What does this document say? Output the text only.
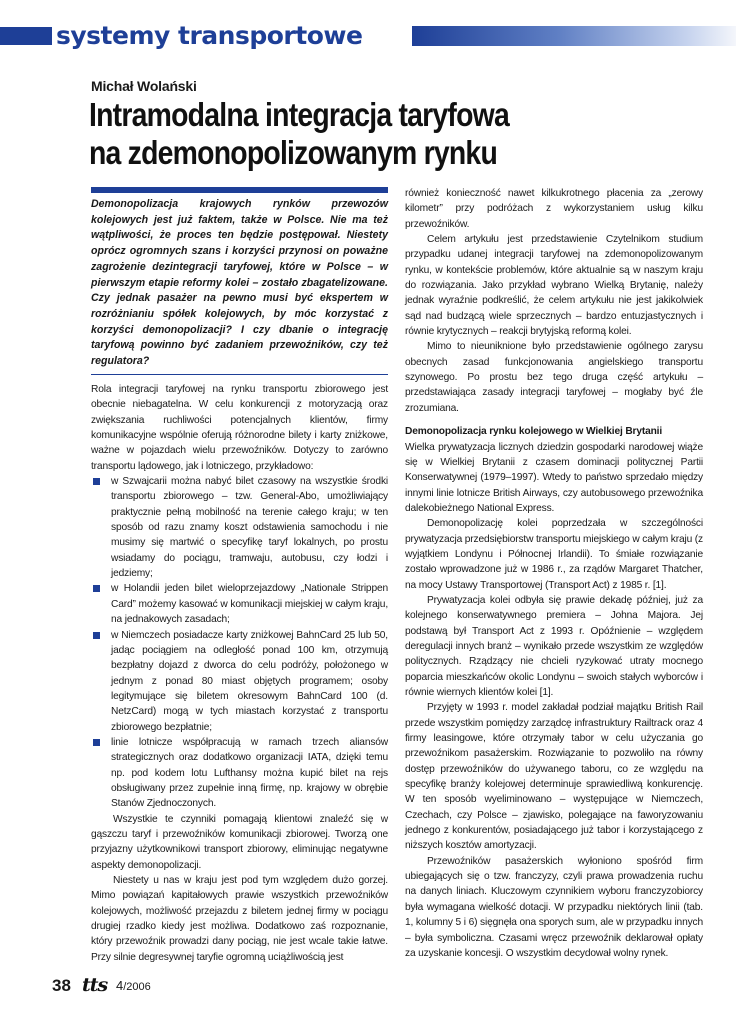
systemy transportowe
Michał Wolański
Intramodalna integracja taryfowa
na zdemonopolizowanym rynku
Demonopolizacja krajowych rynków przewozów kolejowych jest już faktem, także w Polsce. Nie ma też wątpliwości, że proces ten będzie postępował. Niestety oprócz ogromnych szans i korzyści przynosi on poważne zagrożenie dezintegracji taryfowej, które w Polsce – w pierwszym etapie reformy kolei – zostało zbagatelizowane. Czy jednak pasażer na pewno musi być ekspertem w rozróżnianiu spółek kolejowych, by móc korzystać z korzyści demonopolizacji? I czy dbanie o integrację taryfową powinno być zadaniem przewoźników, czy też regulatora?

Rola integracji taryfowej na rynku transportu zbiorowego jest obecnie niebagatelna. W celu konkurencji z motoryzacją oraz zwiększania ruchliwości potencjalnych klientów, firmy komunikacyjne wspólnie oferują różnorodne bilety i karty zniżkowe, ważne w pojazdach wielu przewoźników. Dotyczy to zarówno transportu lądowego, jak i lotniczego, przykładowo:

w Szwajcarii można nabyć bilet czasowy na wszystkie środki transportu zbiorowego – tzw. General-Abo, umożliwiający praktycznie pełną mobilność na terenie całego kraju; w ten sposób od razu znamy koszt odstawienia samochodu i nie musimy się martwić o specyfikę taryf lokalnych, po prostu wsiadamy do pociągu, tramwaju, autobusu, czy łodzi i jedziemy;
w Holandii jeden bilet wieloprzejazdowy „Nationale Strippen Card” możemy kasować w komunikacji miejskiej w całym kraju, na jednakowych zasadach;
w Niemczech posiadacze karty zniżkowej BahnCard 25 lub 50, jadąc pociągiem na odległość ponad 100 km, otrzymują bezpłatny dojazd z dworca do celu podróży, położonego w jednym z ponad 80 miast objętych programem; osoby legitymujące się biletem okresowym BahnCard 100 (d. NetzCard) mogą w tych miastach korzystać z transportu zbiorowego bezpłatnie;
linie lotnicze współpracują w ramach trzech aliansów strategicznych oraz dodatkowo organizacji IATA, dzięki temu np. pod kodem lotu Lufthansy można kupić bilet na rejs obsługiwany przez zupełnie inną firmę, np. krajowy w obrębie Stanów Zjednoczonych.

Wszystkie te czynniki pomagają klientowi znaleźć się w gąszczu taryf i przewoźników komunikacji zbiorowej. Tworzą one przyjazny użytkownikowi transport zbiorowy, eliminując negatywne aspekty demonopolizacji.

Niestety u nas w kraju jest pod tym względem dużo gorzej. Mimo powiązań kapitałowych prawie wszystkich przewoźników kolejowych, możliwość przejazdu z biletem jednej firmy w pociągu drugiej rzadko kiedy jest możliwa. Dodatkowo zaś rozpoznanie, który przewoźnik prowadzi dany pociąg, nie jest wcale takie łatwe. Przy silnie degresywnej taryfie ogromną uciążliwością jest

również konieczność nawet kilkukrotnego płacenia za „zerowy kilometr” przy podróżach z wykorzystaniem usług kilku przewoźników.

Celem artykułu jest przedstawienie Czytelnikom studium przypadku udanej integracji taryfowej na zdemonopolizowanym rynku, w kontekście problemów, które aktualnie są w naszym kraju do rozwiązania. Jako przykład wybrano Wielką Brytanię, należy jednak wyraźnie podkreślić, że celem artykułu nie jest jakikolwiek sąd nad budzącą wiele sprzecznych – bardzo entuzjastycznych i równie krytycznych – reakcji brytyjską reformą kolei.

Mimo to nieuniknione było przedstawienie ogólnego zarysu obecnych zasad funkcjonowania angielskiego transportu szynowego. Po prostu bez tego druga część artykułu – przedstawiająca zasady integracji taryfowej – mogłaby być źle zrozumiana.

Demonopolizacja rynku kolejowego w Wielkiej Brytanii

Wielka prywatyzacja licznych dziedzin gospodarki narodowej wiąże się w Wielkiej Brytanii z czasem dominacji politycznej Partii Konserwatywnej (1979–1997). Wtedy to państwo sprzedało między innymi linie lotnicze British Airways, czy autobusowego przewoźnika dalekobieżnego National Express.

Demonopolizację kolei poprzedzała w szczególności prywatyzacja przedsiębiorstw transportu miejskiego w całym kraju (z wyjątkiem Londynu i Północnej Irlandii). To śmiałe rozwiązanie zostało wprowadzone już w 1986 r., za rządów Margaret Thatcher, na mocy Ustawy Transportowej (Transport Act) z 1985 r. [1].

Prywatyzacja kolei odbyła się prawie dekadę później, już za kolejnego konserwatywnego premiera – Johna Majora. Jej podstawą był Transport Act z 1993 r. Opóźnienie – względem deregulacji innych branż – wynikało przede wszystkim ze względów politycznych. Rządzący nie chcieli ryzykować utraty mocnego poparcia mieszkańców okolic Londynu – swoich stałych wyborców i równie wiernych klientów kolei [1].

Przyjęty w 1993 r. model zakładał podział majątku British Rail przede wszystkim pomiędzy zarządcę infrastruktury Railtrack oraz 4 firmy leasingowe, które otrzymały tabor w celu użyczania go przewoźnikom pasażerskim. Rozwiązanie to pozwoliło na równy dostęp przewoźników do używanego taboru, co ze względu na specyfikę branży kolejowej determinuje sprawiedliwą konkurencję. W ten sposób wyeliminowano – występujące w Niemczech, Czechach, czy Polsce – zjawisko, polegające na faworyzowaniu jednego z konkurentów, posiadającego już tabor i korzystającego z niższych kosztów amortyzacji.

Przewoźników pasażerskich wyłoniono spośród firm ubiegających się o tzw. franczyzy, czyli prawa prowadzenia ruchu na danych liniach. Kluczowym czynnikiem wyboru franczyzobiorcy była wymagana wielkość dotacji. W przypadku niektórych linii (tab. 1, kolumny 5 i 6) sięgnęła ona sporych sum, ale w przypadku innych – była symboliczna. Czasami wręcz przewoźnik deklarował opłaty za uzyskanie koncesji. O wszystkim decydował wolny rynek.

38 tts 4/2006
